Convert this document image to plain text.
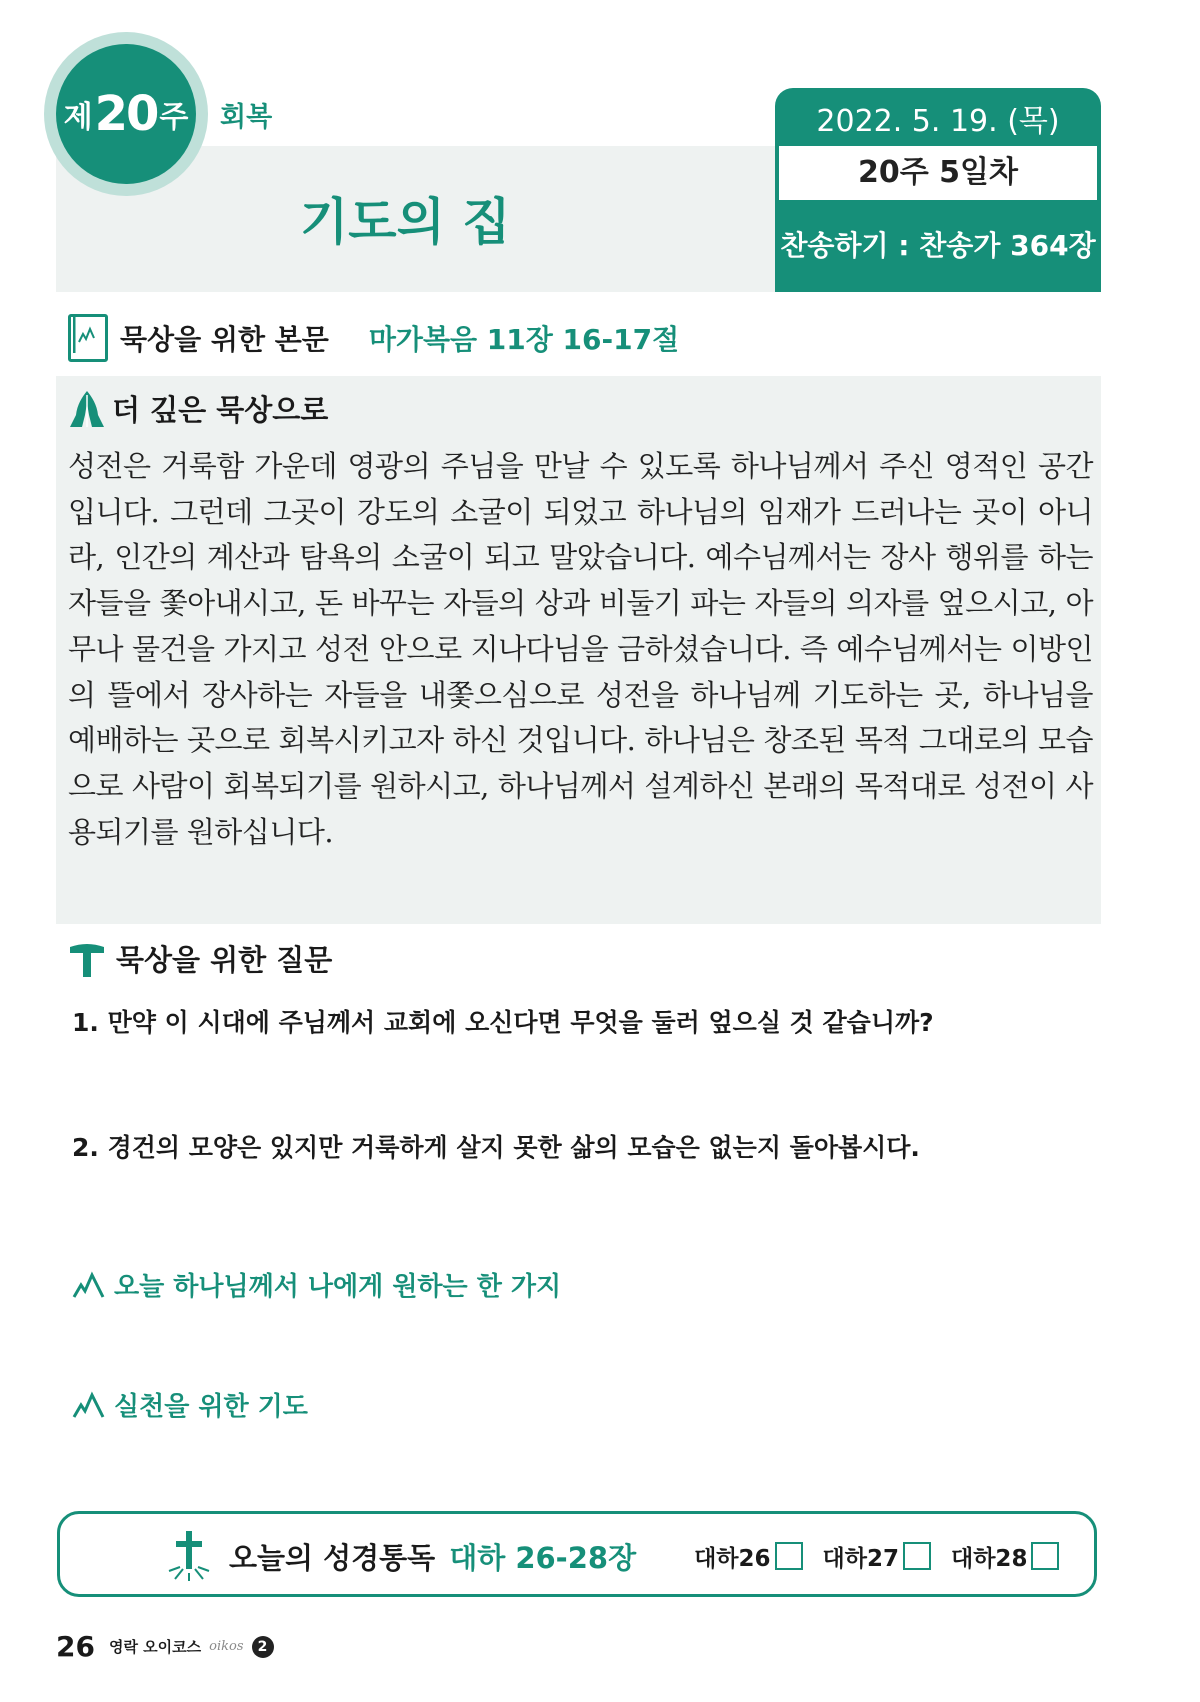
제 20 주 회복
기도의 집
2022. 5. 19. (목)
20주 5일차
찬송하기 : 찬송가 364장
묵상을 위한 본문 마가복음 11장 16-17절
더 깊은 묵상으로

성전은 거룩함 가운데 영광의 주님을 만날 수 있도록 하나님께서 주신 영적인 공간입니다. 그런데 그곳이 강도의 소굴이 되었고 하나님의 임재가 드러나는 곳이 아니라, 인간의 계산과 탐욕의 소굴이 되고 말았습니다. 예수님께서는 장사 행위를 하는 자들을 쫓아내시고, 돈 바꾸는 자들의 상과 비둘기 파는 자들의 의자를 엎으시고, 아무나 물건을 가지고 성전 안으로 지나다님을 금하셨습니다. 즉 예수님께서는 이방인의 뜰에서 장사하는 자들을 내쫓으심으로 성전을 하나님께 기도하는 곳, 하나님을 예배하는 곳으로 회복시키고자 하신 것입니다. 하나님은 창조된 목적 그대로의 모습으로 사람이 회복되기를 원하시고, 하나님께서 설계하신 본래의 목적대로 성전이 사용되기를 원하십니다.

묵상을 위한 질문

1. 만약 이 시대에 주님께서 교회에 오신다면 무엇을 둘러 엎으실 것 같습니까?

2. 경건의 모양은 있지만 거룩하게 살지 못한 삶의 모습은 없는지 돌아봅시다.

오늘 하나님께서 나에게 원하는 한 가지
실천을 위한 기도
오늘의 성경통독 대하 26-28장	대하26 대하27 대하28
26 영락 오이코스 oikos	2
